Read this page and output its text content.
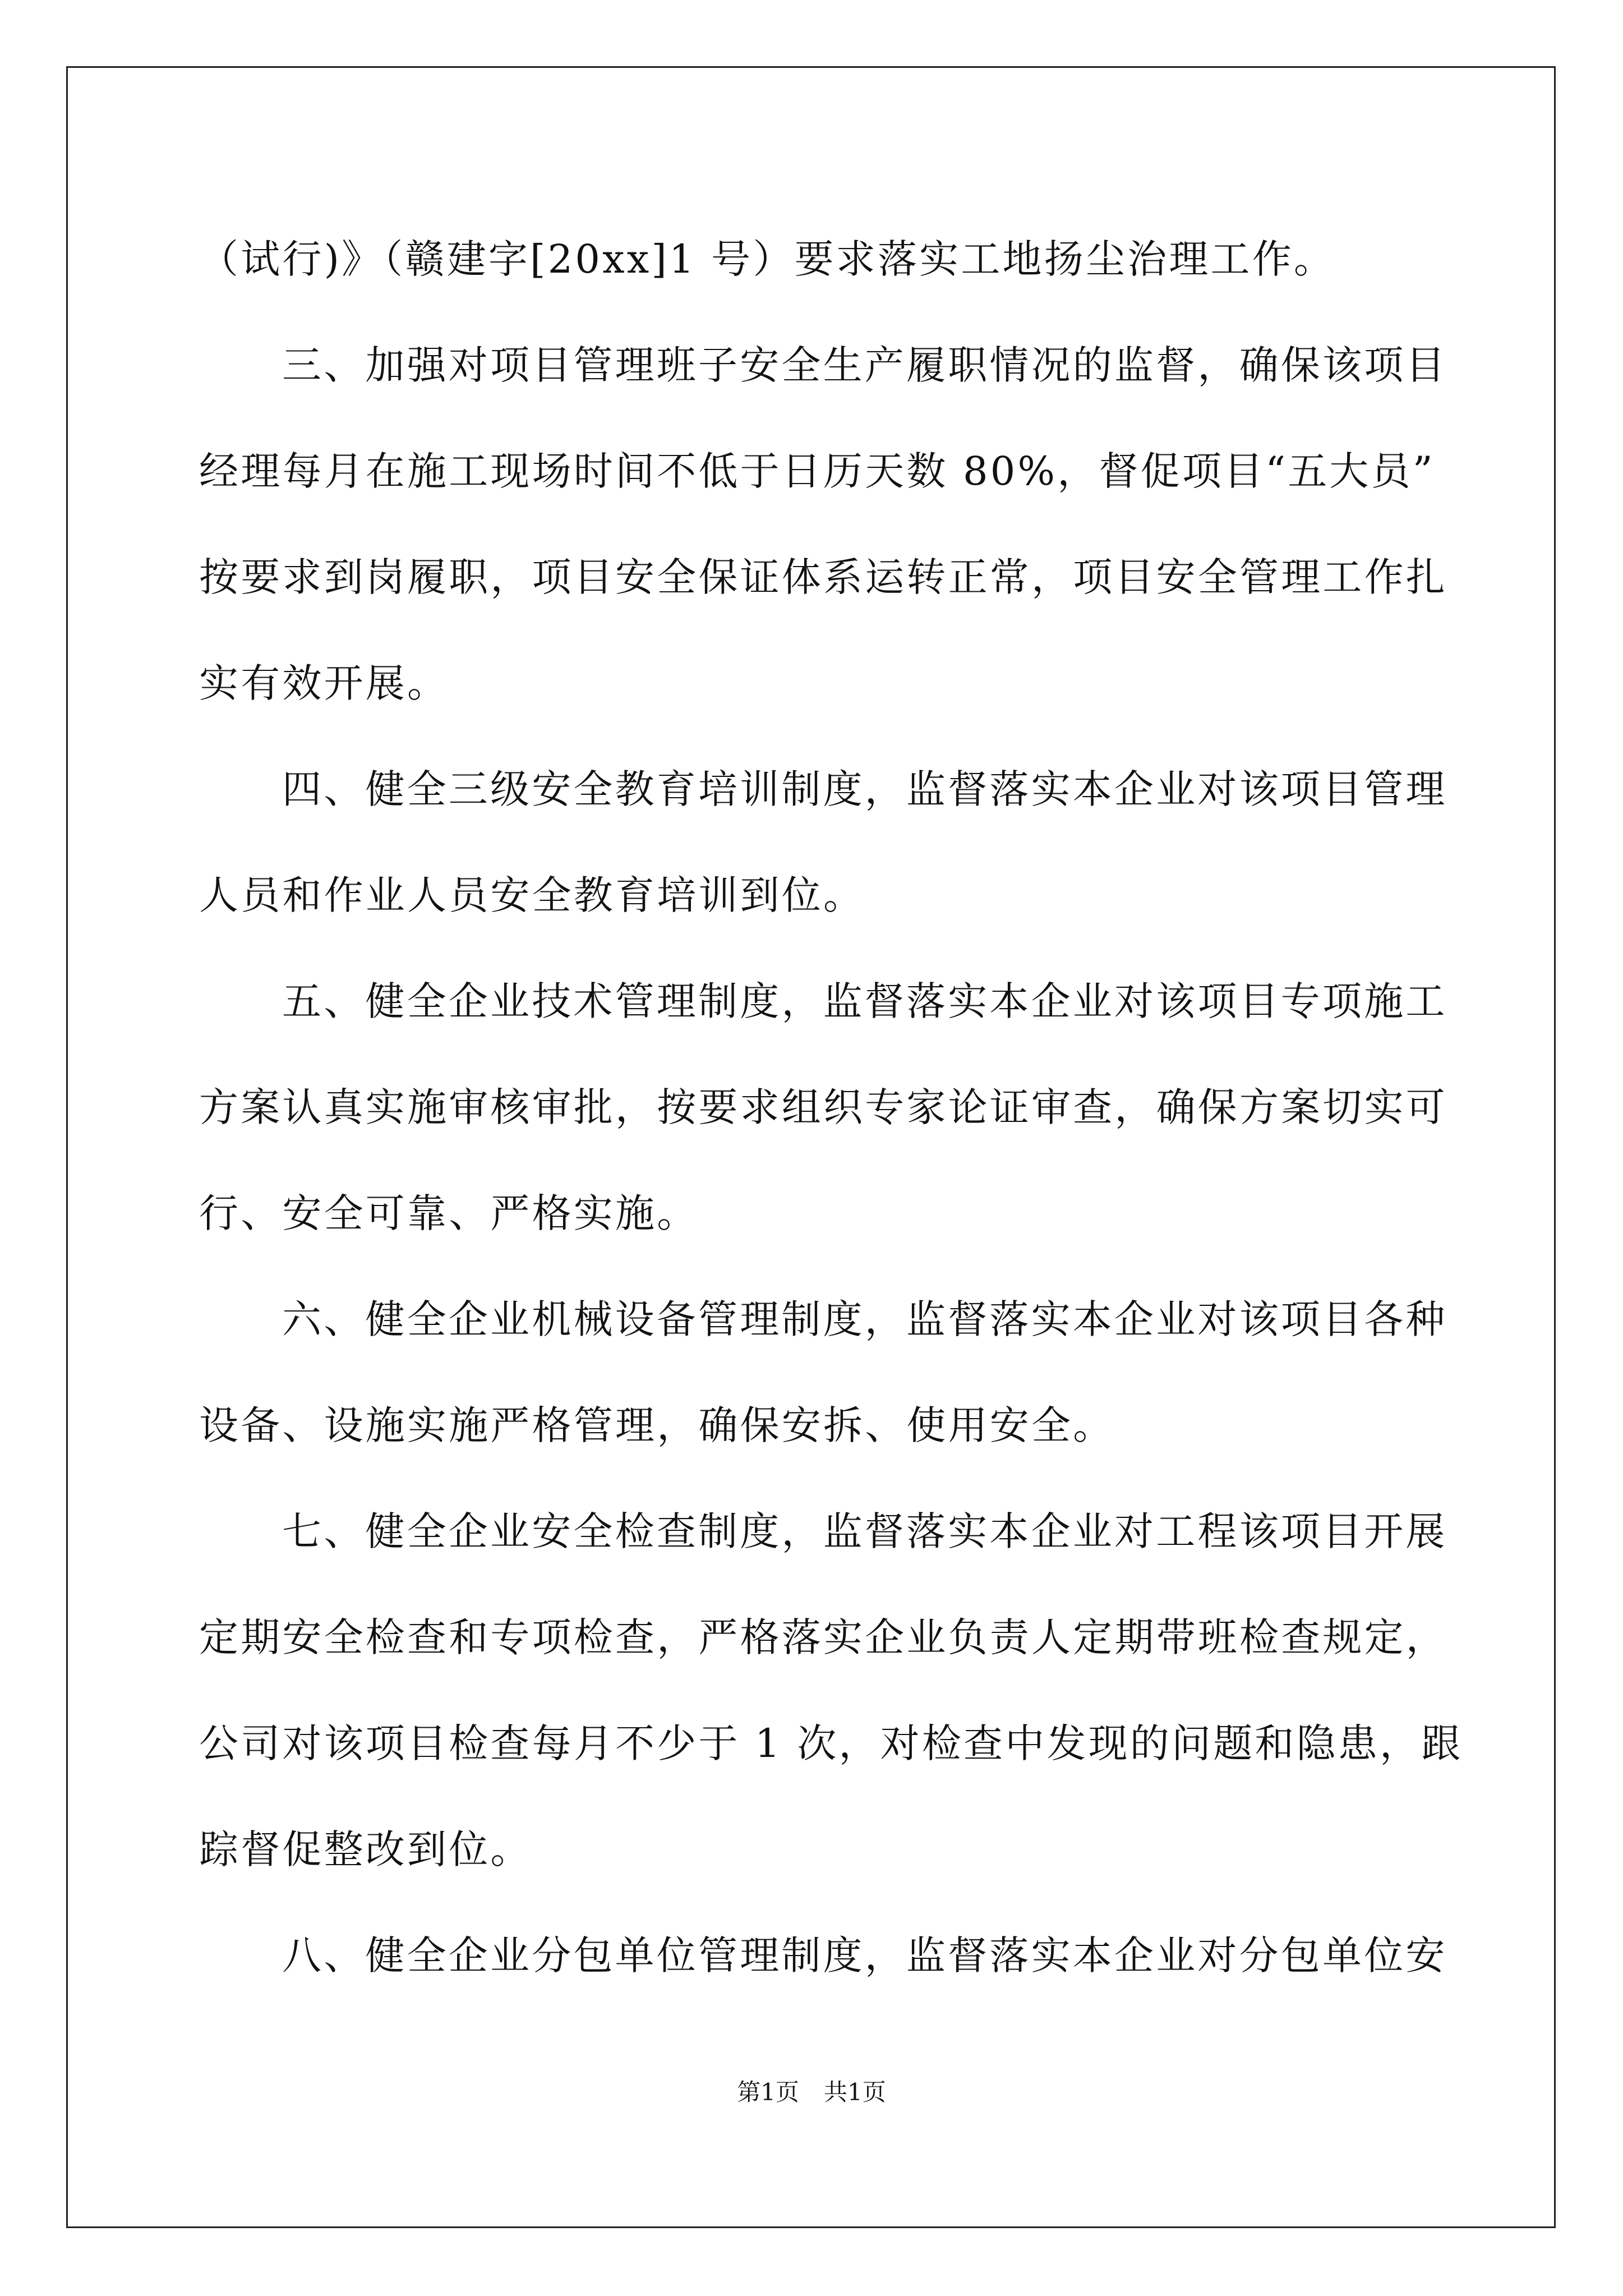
（试行)》（赣建字[20xx]1 号）要求落实工地扬尘治理工作。
三、加强对项目管理班子安全生产履职情况的监督，确保该项目
经理每月在施工现场时间不低于日历天数 80%，督促项目“五大员”
按要求到岗履职，项目安全保证体系运转正常，项目安全管理工作扎
实有效开展。
四、健全三级安全教育培训制度，监督落实本企业对该项目管理
人员和作业人员安全教育培训到位。
五、健全企业技术管理制度，监督落实本企业对该项目专项施工
方案认真实施审核审批，按要求组织专家论证审查，确保方案切实可
行、安全可靠、严格实施。
六、健全企业机械设备管理制度，监督落实本企业对该项目各种
设备、设施实施严格管理，确保安拆、使用安全。
七、健全企业安全检查制度，监督落实本企业对工程该项目开展
定期安全检查和专项检查，严格落实企业负责人定期带班检查规定，
公司对该项目检查每月不少于 1 次，对检查中发现的问题和隐患，跟
踪督促整改到位。
八、健全企业分包单位管理制度，监督落实本企业对分包单位安
第1页 共1页
